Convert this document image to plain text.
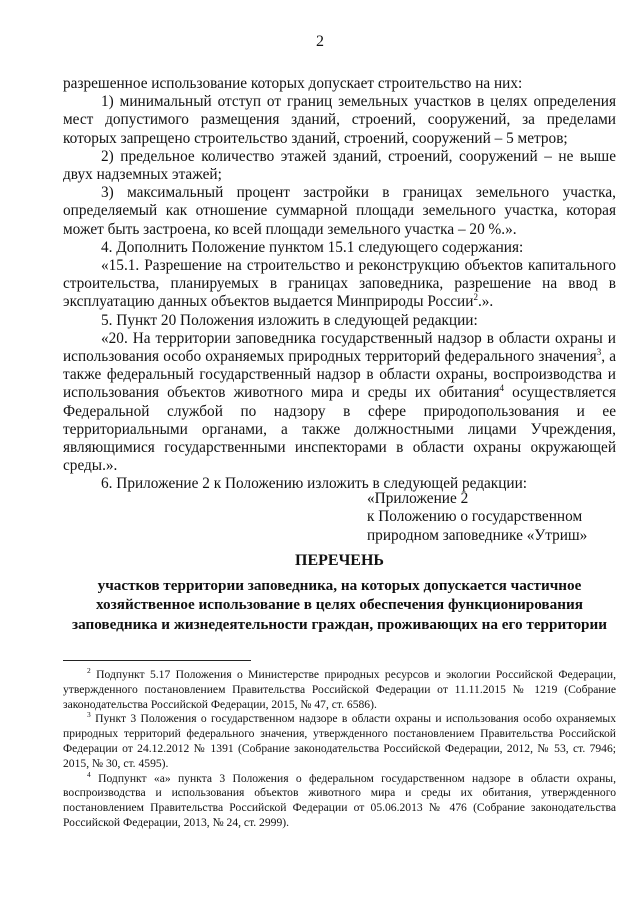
2

разрешенное использование которых допускает строительство на них:

1) минимальный отступ от границ земельных участков в целях определения мест допустимого размещения зданий, строений, сооружений, за пределами которых запрещено строительство зданий, строений, сооружений – 5 метров;

2) предельное количество этажей зданий, строений, сооружений – не выше двух надземных этажей;

3) максимальный процент застройки в границах земельного участка, определяемый как отношение суммарной площади земельного участка, которая может быть застроена, ко всей площади земельного участка – 20 %.».

4. Дополнить Положение пунктом 15.1 следующего содержания:

«15.1. Разрешение на строительство и реконструкцию объектов капитального строительства, планируемых в границах заповедника, разрешение на ввод в эксплуатацию данных объектов выдается Минприроды России$^2$.».

5. Пункт 20 Положения изложить в следующей редакции:

«20. На территории заповедника государственный надзор в области охраны и использования особо охраняемых природных территорий федерального значения$^3$, а также федеральный государственный надзор в области охраны, воспроизводства и использования объектов животного мира и среды их обитания$^4$ осуществляется Федеральной службой по надзору в сфере природопользования и ее территориальными органами, а также должностными лицами Учреждения, являющимися государственными инспекторами в области охраны окружающей среды.».

6. Приложение 2 к Положению изложить в следующей редакции:

«Приложение 2
к Положению о государственном
природном заповеднике «Утриш»
ПЕРЕЧЕНЬ
участков территории заповедника, на которых допускается частичное хозяйственное использование в целях обеспечения функционирования заповедника и жизнедеятельности граждан, проживающих на его территории

$^2$ Подпункт 5.17 Положения о Министерстве природных ресурсов и экологии Российской Федерации, утвержденного постановлением Правительства Российской Федерации от 11.11.2015 № 1219 (Собрание законодательства Российской Федерации, 2015, № 47, ст. 6586).

$^3$ Пункт 3 Положения о государственном надзоре в области охраны и использования особо охраняемых природных территорий федерального значения, утвержденного постановлением Правительства Российской Федерации от 24.12.2012 № 1391 (Собрание законодательства Российской Федерации, 2012, № 53, ст. 7946; 2015, № 30, ст. 4595).

$^4$ Подпункт «а» пункта 3 Положения о федеральном государственном надзоре в области охраны, воспроизводства и использования объектов животного мира и среды их обитания, утвержденного постановлением Правительства Российской Федерации от 05.06.2013 № 476 (Собрание законодательства Российской Федерации, 2013, № 24, ст. 2999).
